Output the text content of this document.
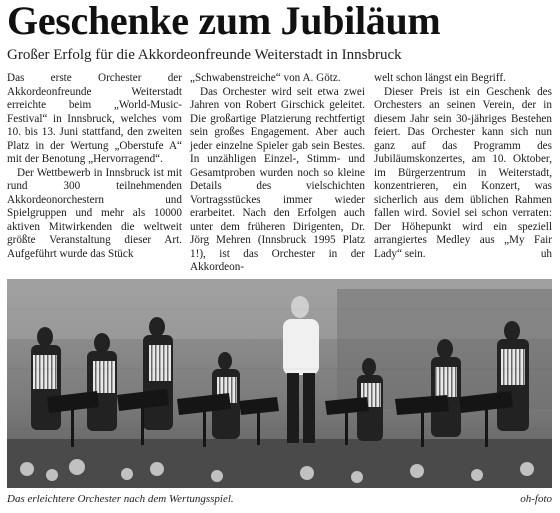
Geschenke zum Jubiläum
Großer Erfolg für die Akkordeonfreunde Weiterstadt in Innsbruck

Das erste Orchester der Akkordeonfreunde Weiterstadt erreichte beim „World-Music-Festival“ in Innsbruck, welches vom 10. bis 13. Juni stattfand, den zweiten Platz in der Wertung „Oberstufe A“ mit der Benotung „Hervorragend“.

Der Wettbewerb in Innsbruck ist mit rund 300 teilnehmenden Akkordeonorchestern und Spielgruppen und mehr als 10000 aktiven Mitwirkenden die weltweit größte Veranstaltung dieser Art. Aufgeführt wurde das Stück

„Schwabenstreiche“ von A. Götz.

Das Orchester wird seit etwa zwei Jahren von Robert Girschick geleitet. Die großartige Platzierung rechtfertigt sein großes Engagement. Aber auch jeder einzelne Spieler gab sein Bestes. In unzähligen Einzel-, Stimm- und Gesamtproben wurden noch so kleine Details des vielschichten Vortragsstückes immer wieder erarbeitet. Nach den Erfolgen auch unter dem früheren Dirigenten, Dr. Jörg Mehren (Innsbruck 1995 Platz 1!), ist das Orchester in der Akkordeon-

welt schon längst ein Begriff.

Dieser Preis ist ein Geschenk des Orchesters an seinen Verein, der in diesem Jahr sein 30-jähriges Bestehen feiert. Das Orchester kann sich nun ganz auf das Programm des Jubiläumskonzertes, am 10. Oktober, im Bürgerzentrum in Weiterstadt, konzentrieren, ein Konzert, was sicherlich aus dem üblichen Rahmen fallen wird. Soviel sei schon verraten: Der Höhepunkt wird ein speziell arrangiertes Medley aus „My Fair Lady“ sein.	uh

Das erleichtere Orchester nach dem Wertungsspiel.	oh-foto
